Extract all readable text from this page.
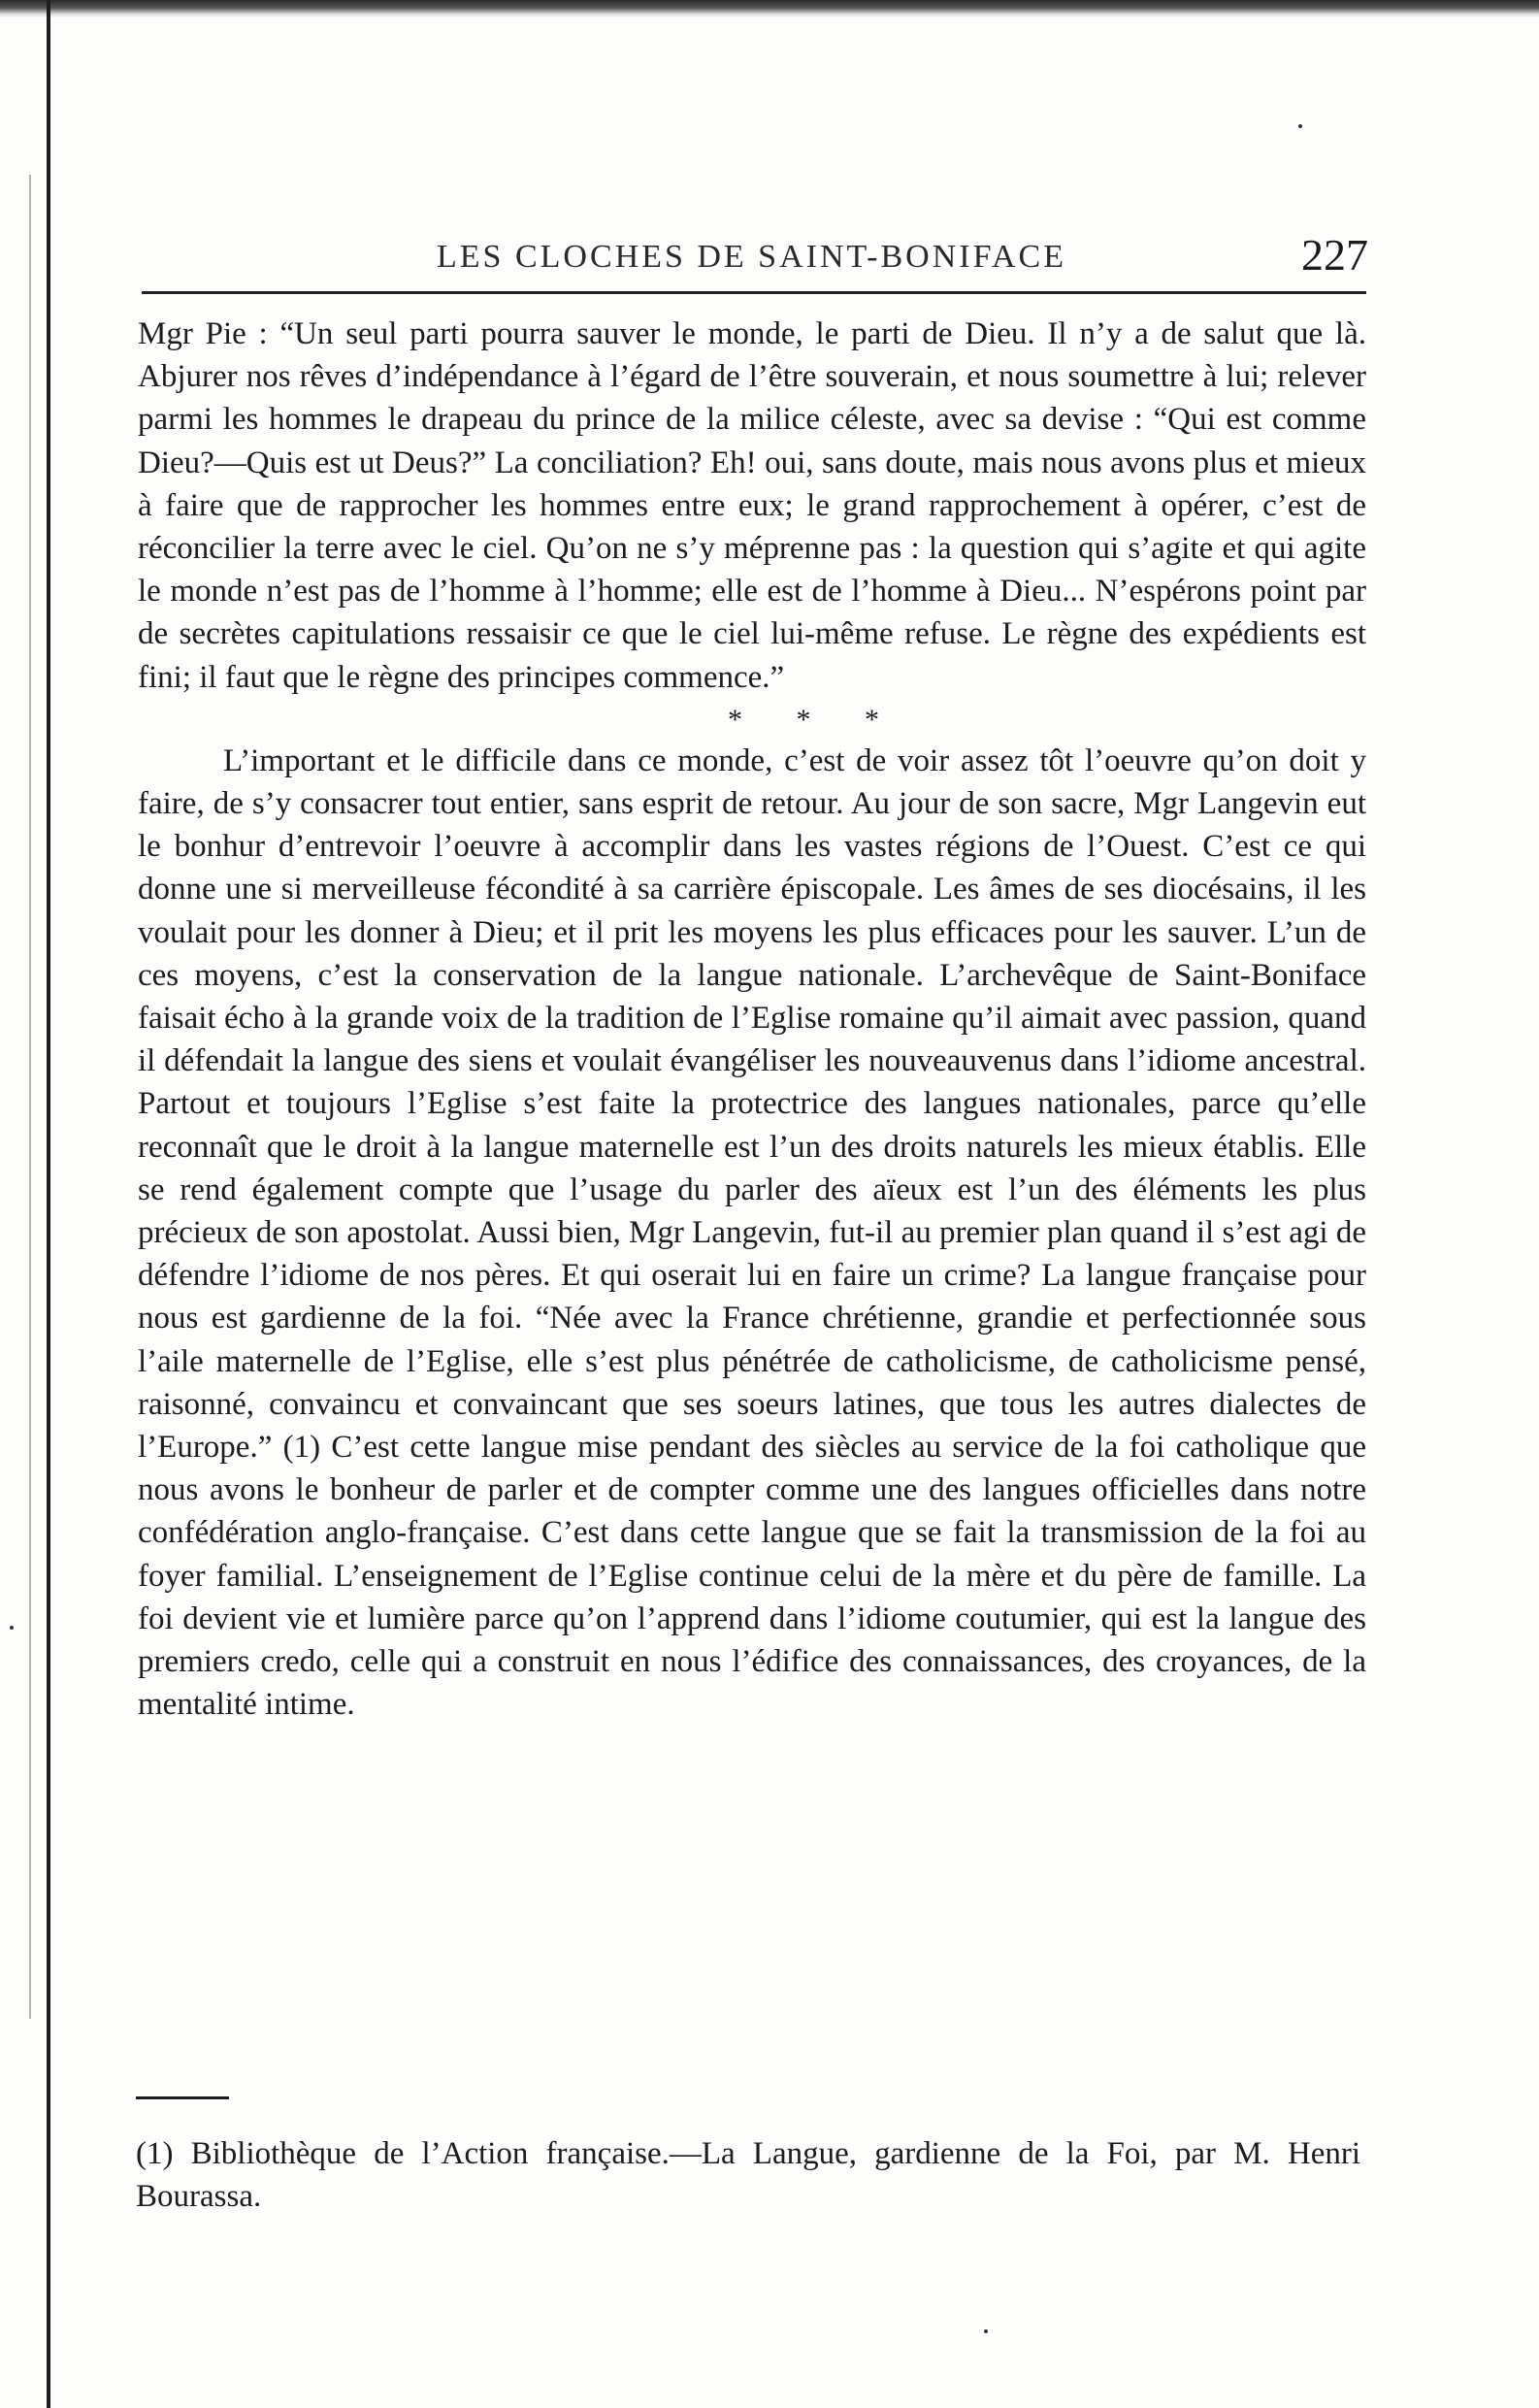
LES CLOCHES DE SAINT-BONIFACE	227

Mgr Pie : “Un seul parti pourra sauver le monde, le parti de Dieu. Il n’y a de salut que là. Abjurer nos rêves d’indépendance à l’égard de l’être souverain, et nous soumettre à lui; relever parmi les hommes le drapeau du prince de la milice céleste, avec sa devise : “Qui est comme Dieu?—Quis est ut Deus?” La conciliation? Eh! oui, sans doute, mais nous avons plus et mieux à faire que de rapprocher les hommes entre eux; le grand rapprochement à opérer, c’est de réconcilier la terre avec le ciel. Qu’on ne s’y méprenne pas : la question qui s’agite et qui agite le monde n’est pas de l’homme à l’homme; elle est de l’homme à Dieu... N’espérons point par de secrètes capitulations ressaisir ce que le ciel lui-même refuse. Le règne des expédients est fini; il faut que le règne des principes commence.”

* * *

L’important et le difficile dans ce monde, c’est de voir assez tôt l’oeuvre qu’on doit y faire, de s’y consacrer tout entier, sans esprit de retour. Au jour de son sacre, Mgr Langevin eut le bonhur d’entrevoir l’oeuvre à accomplir dans les vastes régions de l’Ouest. C’est ce qui donne une si merveilleuse fécondité à sa carrière épiscopale. Les âmes de ses diocésains, il les voulait pour les donner à Dieu; et il prit les moyens les plus efficaces pour les sauver. L’un de ces moyens, c’est la conservation de la langue nationale. L’archevêque de Saint-Boniface faisait écho à la grande voix de la tradition de l’Eglise romaine qu’il aimait avec passion, quand il défendait la langue des siens et voulait évangéliser les nouveauvenus dans l’idiome ancestral. Partout et toujours l’Eglise s’est faite la protectrice des langues nationales, parce qu’elle reconnaît que le droit à la langue maternelle est l’un des droits naturels les mieux établis. Elle se rend également compte que l’usage du parler des aïeux est l’un des éléments les plus précieux de son apostolat. Aussi bien, Mgr Langevin, fut-il au premier plan quand il s’est agi de défendre l’idiome de nos pères. Et qui oserait lui en faire un crime? La langue française pour nous est gardienne de la foi. “Née avec la France chrétienne, grandie et perfectionnée sous l’aile maternelle de l’Eglise, elle s’est plus pénétrée de catholicisme, de catholicisme pensé, raisonné, convaincu et convaincant que ses soeurs latines, que tous les autres dialectes de l’Europe.” (1) C’est cette langue mise pendant des siècles au service de la foi catholique que nous avons le bonheur de parler et de compter comme une des langues officielles dans notre confédération anglo-française. C’est dans cette langue que se fait la transmission de la foi au foyer familial. L’enseignement de l’Eglise continue celui de la mère et du père de famille. La foi devient vie et lumière parce qu’on l’apprend dans l’idiome coutumier, qui est la langue des premiers credo, celle qui a construit en nous l’édifice des connaissances, des croyances, de la mentalité intime.

(1) Bibliothèque de l’Action française.—La Langue, gardienne de la Foi, par M. Henri Bourassa.
